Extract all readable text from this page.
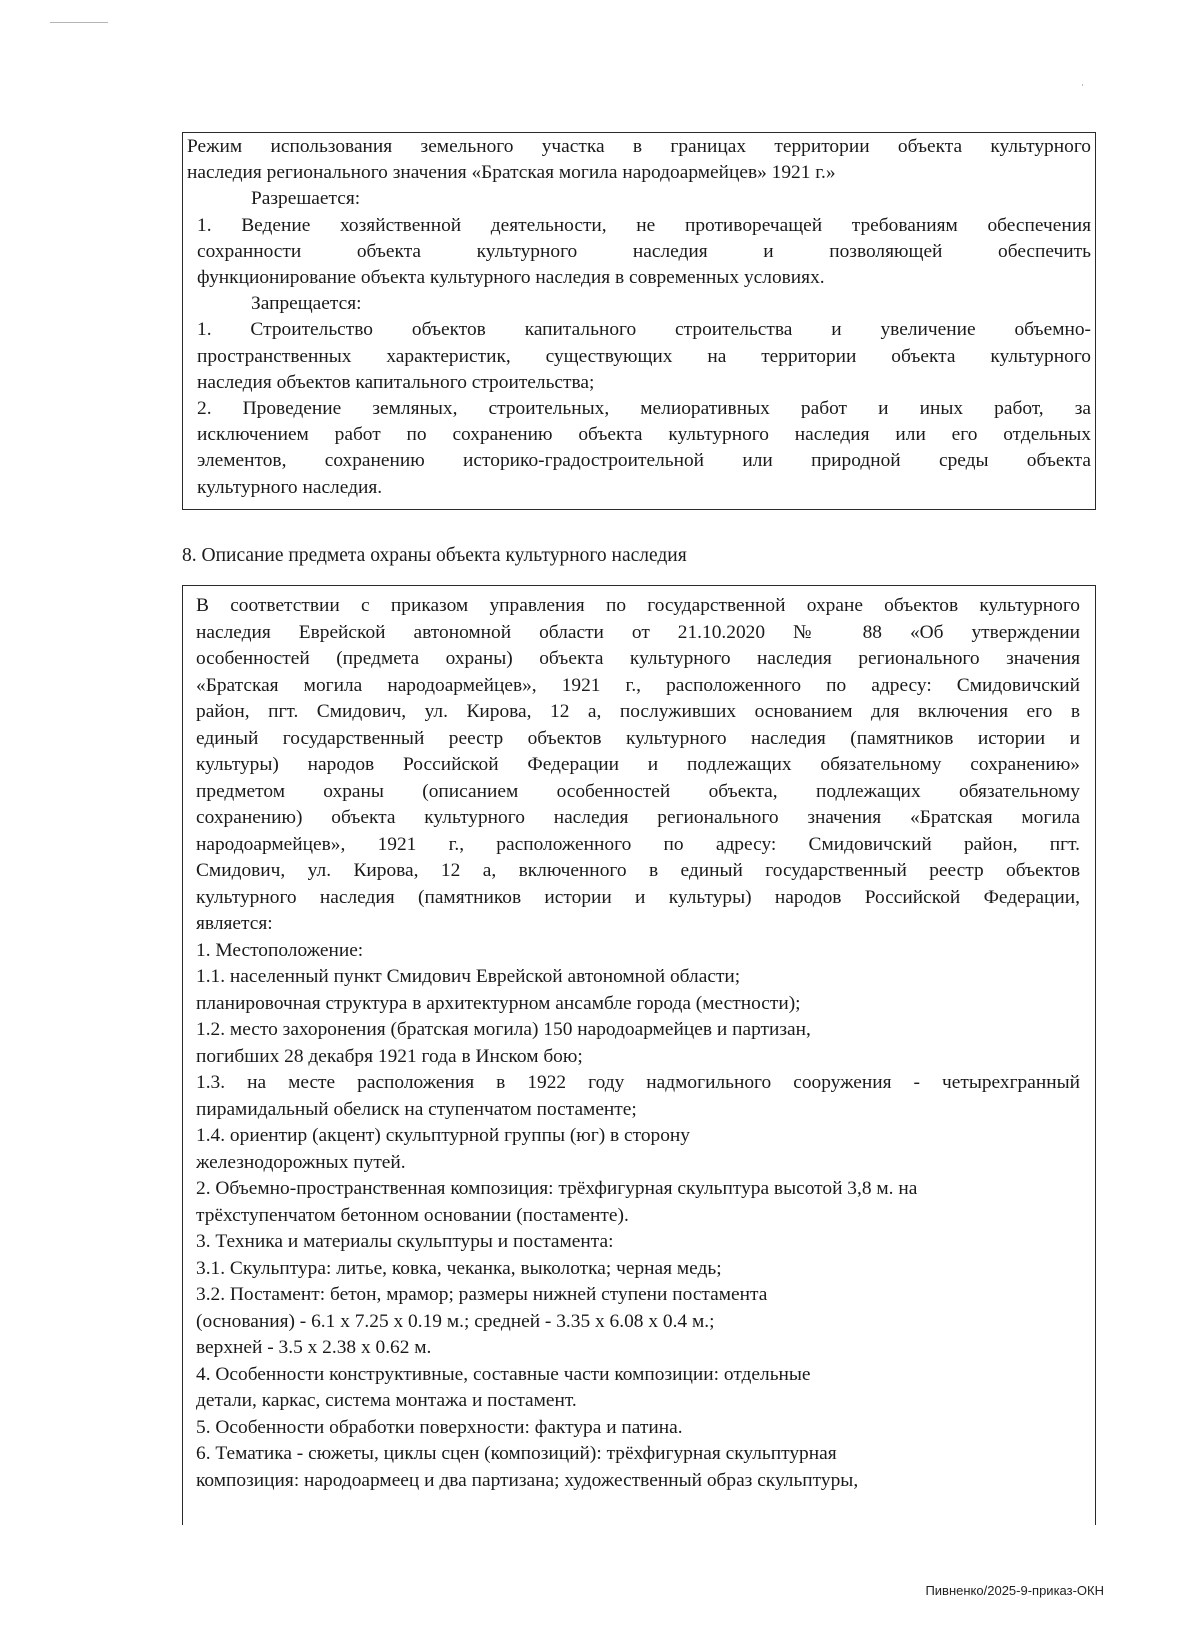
Режим использования земельного участка в границах территории объекта культурного
наследия регионального значения «Братская могила народоармейцев» 1921 г.»
Разрешается:
1. Ведение хозяйственной деятельности, не противоречащей требованиям обеспечения
сохранности объекта культурного наследия и позволяющей обеспечить
функционирование объекта культурного наследия в современных условиях.
Запрещается:
1. Строительство объектов капитального строительства и увеличение объемно-
пространственных характеристик, существующих на территории объекта культурного
наследия объектов капитального строительства;
2. Проведение земляных, строительных, мелиоративных работ и иных работ, за
исключением работ по сохранению объекта культурного наследия или его отдельных
элементов, сохранению историко-градостроительной или природной среды объекта
культурного наследия.
8. Описание предмета охраны объекта культурного наследия
В соответствии с приказом управления по государственной охране объектов культурного
наследия Еврейской автономной области от 21.10.2020 № 88 «Об утверждении
особенностей (предмета охраны) объекта культурного наследия регионального значения
«Братская могила народоармейцев», 1921 г., расположенного по адресу: Смидовичский
район, пгт. Смидович, ул. Кирова, 12 а, послуживших основанием для включения его в
единый государственный реестр объектов культурного наследия (памятников истории и
культуры) народов Российской Федерации и подлежащих обязательному сохранению»
предметом охраны (описанием особенностей объекта, подлежащих обязательному
сохранению) объекта культурного наследия регионального значения «Братская могила
народоармейцев», 1921 г., расположенного по адресу: Смидовичский район, пгт.
Смидович, ул. Кирова, 12 а, включенного в единый государственный реестр объектов
культурного наследия (памятников истории и культуры) народов Российской Федерации,
является:
1. Местоположение:
1.1. населенный пункт Смидович Еврейской автономной области;
планировочная структура в архитектурном ансамбле города (местности);
1.2. место захоронения (братская могила) 150 народоармейцев и партизан,
погибших 28 декабря 1921 года в Инском бою;
1.3. на месте расположения в 1922 году надмогильного сооружения - четырехгранный
пирамидальный обелиск на ступенчатом постаменте;
1.4. ориентир (акцент) скульптурной группы (юг) в сторону
железнодорожных путей.
2. Объемно-пространственная композиция: трёхфигурная скульптура высотой 3,8 м. на
трёхступенчатом бетонном основании (постаменте).
3. Техника и материалы скульптуры и постамента:
3.1. Скульптура: литье, ковка, чеканка, выколотка; черная медь;
3.2. Постамент: бетон, мрамор; размеры нижней ступени постамента
(основания) - 6.1 х 7.25 х 0.19 м.; средней - 3.35 х 6.08 х 0.4 м.;
верхней - 3.5 х 2.38 х 0.62 м.
4. Особенности конструктивные, составные части композиции: отдельные
детали, каркас, система монтажа и постамент.
5. Особенности обработки поверхности: фактура и патина.
6. Тематика - сюжеты, циклы сцен (композиций): трёхфигурная скульптурная
композиция: народоармеец и два партизана; художественный образ скульптуры,
Пивненко/2025-9-приказ-ОКН
